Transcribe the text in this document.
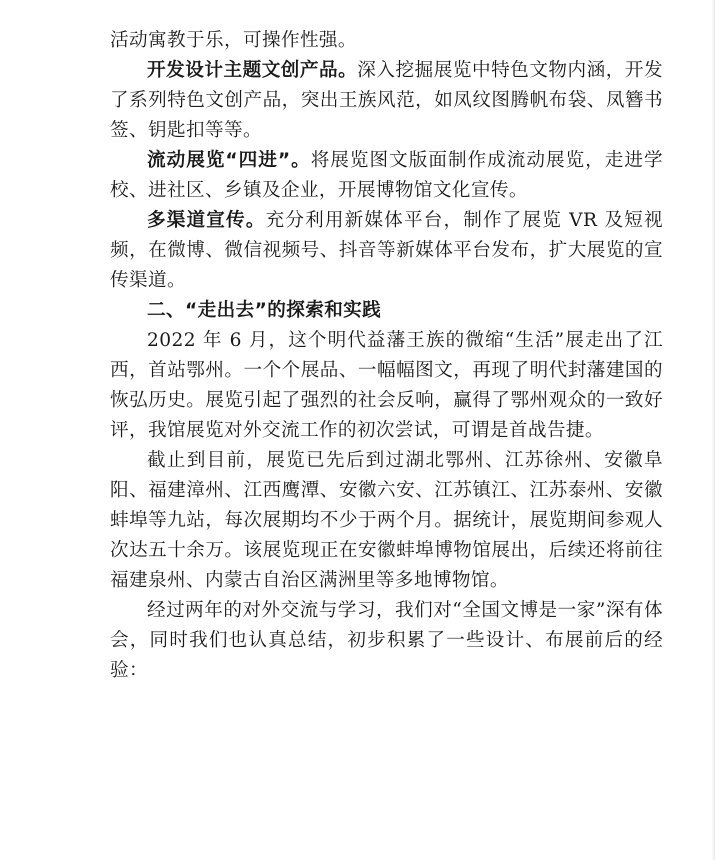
活动寓教于乐，可操作性强。

开发设计主题文创产品。深入挖掘展览中特色文物内涵，开发了系列特色文创产品，突出王族风范，如凤纹图腾帆布袋、凤簪书签、钥匙扣等等。

流动展览“四进”。将展览图文版面制作成流动展览，走进学校、进社区、乡镇及企业，开展博物馆文化宣传。

多渠道宣传。充分利用新媒体平台，制作了展览 VR 及短视频，在微博、微信视频号、抖音等新媒体平台发布，扩大展览的宣传渠道。

二、“走出去”的探索和实践

2022 年 6 月，这个明代益藩王族的微缩“生活”展走出了江西，首站鄂州。一个个展品、一幅幅图文，再现了明代封藩建国的恢弘历史。展览引起了强烈的社会反响，赢得了鄂州观众的一致好评，我馆展览对外交流工作的初次尝试，可谓是首战告捷。

截止到目前，展览已先后到过湖北鄂州、江苏徐州、安徽阜阳、福建漳州、江西鹰潭、安徽六安、江苏镇江、江苏泰州、安徽蚌埠等九站，每次展期均不少于两个月。据统计，展览期间参观人次达五十余万。该展览现正在安徽蚌埠博物馆展出，后续还将前往福建泉州、内蒙古自治区满洲里等多地博物馆。

经过两年的对外交流与学习，我们对“全国文博是一家”深有体会，同时我们也认真总结，初步积累了一些设计、布展前后的经验：
